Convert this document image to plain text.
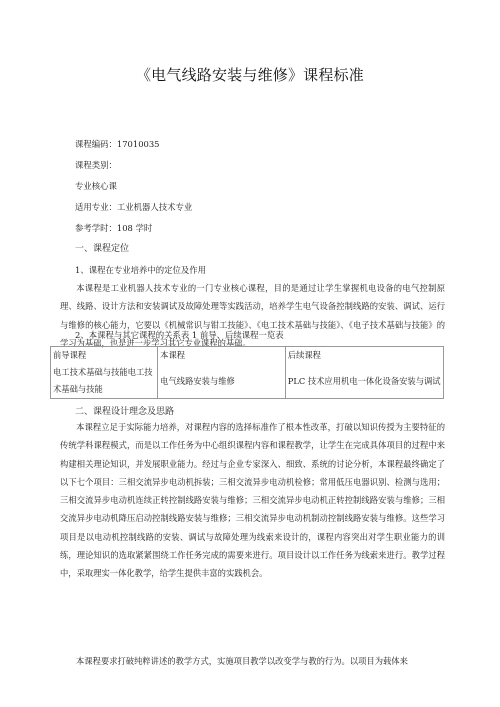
《电气线路安装与维修》课程标准
课程编码：17010035
课程类别：
专业核心课
适用专业：工业机器人技术专业
参考学时：108 学时
一、课程定位
1、课程在专业培养中的定位及作用
本课程是工业机器人技术专业的一门专业核心课程，目的是通过让学生掌握机电设备的电气控制原理、线路、设计方法和安装调试及故障处理等实践活动，培养学生电气设备控制线路的安装、调试、运行与维修的核心能力，它要以《机械常识与钳工技能》、《电工技术基础与技能》、《电子技术基础与技能》的学习为基础，也是进一步学习其它专业课程的基础。
2、本课程与其它课程的关系表 1 前导、后续课程一览表
前导课程	本课程	后续课程
电工技术基础与技能电工技术基础与技能	电气线路安装与维修	PLC 技术应用机电一体化设备安装与调试
二、课程设计理念及思路
本课程立足于实际能力培养，对课程内容的选择标准作了根本性改革，打破以知识传授为主要特征的传统学科课程模式，而是以工作任务为中心组织课程内容和课程教学，让学生在完成具体项目的过程中来构建相关理论知识，并发展职业能力。经过与企业专家深入、细致、系统的讨论分析，本课程最终确定了以下七个项目：三相交流异步电动机拆装；三相交流异步电动机检修；常用低压电器识别、检测与选用；三相交流异步电动机连续正转控制线路安装与维修；三相交流异步电动机正转控制线路安装与维修；三相交流异步电动机降压启动控制线路安装与维修；三相交流异步电动机制动控制线路安装与维修。这些学习项目是以电动机控制线路的安装、调试与故障处理为线索来设计的，课程内容突出对学生职业能力的训练，理论知识的选取紧紧围绕工作任务完成的需要来进行。项目设计以工作任务为线索来进行。教学过程中，采取理实一体化教学，给学生提供丰富的实践机会。
本课程要求打破纯粹讲述的教学方式，实施项目教学以改变学与教的行为。以项目为载体来
